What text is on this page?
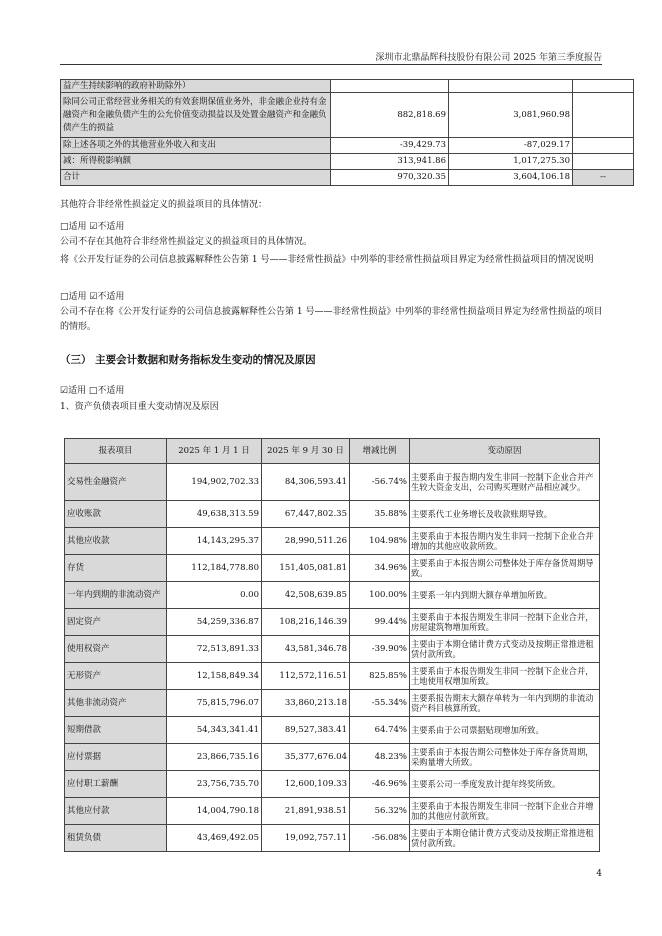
深圳市北鼎晶辉科技股份有限公司 2025 年第三季度报告
益产生持续影响的政府补助除外）			
除同公司正常经营业务相关的有效套期保值业务外，非金融企业持有金融资产和金融负债产生的公允价值变动损益以及处置金融资产和金融负债产生的损益	882,818.69	3,081,960.98	
除上述各项之外的其他营业外收入和支出	-39,429.73	-87,029.17	
减：所得税影响额	313,941.86	1,017,275.30	
合计	970,320.35	3,604,106.18	--
其他符合非经常性损益定义的损益项目的具体情况：
□适用 ☑不适用
公司不存在其他符合非经常性损益定义的损益项目的具体情况。
将《公开发行证券的公司信息披露解释性公告第 1 号——非经常性损益》中列举的非经常性损益项目界定为经常性损益项目的情况说明
□适用 ☑不适用
公司不存在将《公开发行证券的公司信息披露解释性公告第 1 号——非经常性损益》中列举的非经常性损益项目界定为经常性损益的项目的情形。
（三） 主要会计数据和财务指标发生变动的情况及原因
☑适用 □不适用
1、资产负债表项目重大变动情况及原因
报表项目	2025 年 1 月 1 日	2025 年 9 月 30 日	增减比例	变动原因
交易性金融资产	194,902,702.33	84,306,593.41	-56.74%	主要系由于报告期内发生非同一控制下企业合并产生较大资金支出，公司购买理财产品相应减少。
应收账款	49,638,313.59	67,447,802.35	35.88%	主要系代工业务增长及收款账期导致。
其他应收款	14,143,295.37	28,990,511.26	104.98%	主要系由于本报告期内发生非同一控制下企业合并增加的其他应收款所致。
存货	112,184,778.80	151,405,081.81	34.96%	主要系由于本报告期公司整体处于库存备货周期导致。
一年内到期的非流动资产	0.00	42,508,639.85	100.00%	主要系一年内到期大额存单增加所致。
固定资产	54,259,336.87	108,216,146.39	99.44%	主要系由于本报告期发生非同一控制下企业合并，房屋建筑物增加所致。
使用权资产	72,513,891.33	43,581,346.78	-39.90%	主要由于本期仓储计费方式变动及按期正常推进租赁付款所致。
无形资产	12,158,849.34	112,572,116.51	825.85%	主要系由于本报告期发生非同一控制下企业合并，土地使用权增加所致。
其他非流动资产	75,815,796.07	33,860,213.18	-55.34%	主要系报告期末大额存单转为一年内到期的非流动资产科目核算所致。
短期借款	54,343,341.41	89,527,383.41	64.74%	主要系由于公司票据贴现增加所致。
应付票据	23,866,735.16	35,377,676.04	48.23%	主要系由于本报告期公司整体处于库存备货周期，采购量增大所致。
应付职工薪酬	23,756,735.70	12,600,109.33	-46.96%	主要系公司一季度发放计提年终奖所致。
其他应付款	14,004,790.18	21,891,938.51	56.32%	主要系由于本报告期发生非同一控制下企业合并增加的其他应付款所致。
租赁负债	43,469,492.05	19,092,757.11	-56.08%	主要由于本期仓储计费方式变动及按期正常推进租赁付款所致。
4
